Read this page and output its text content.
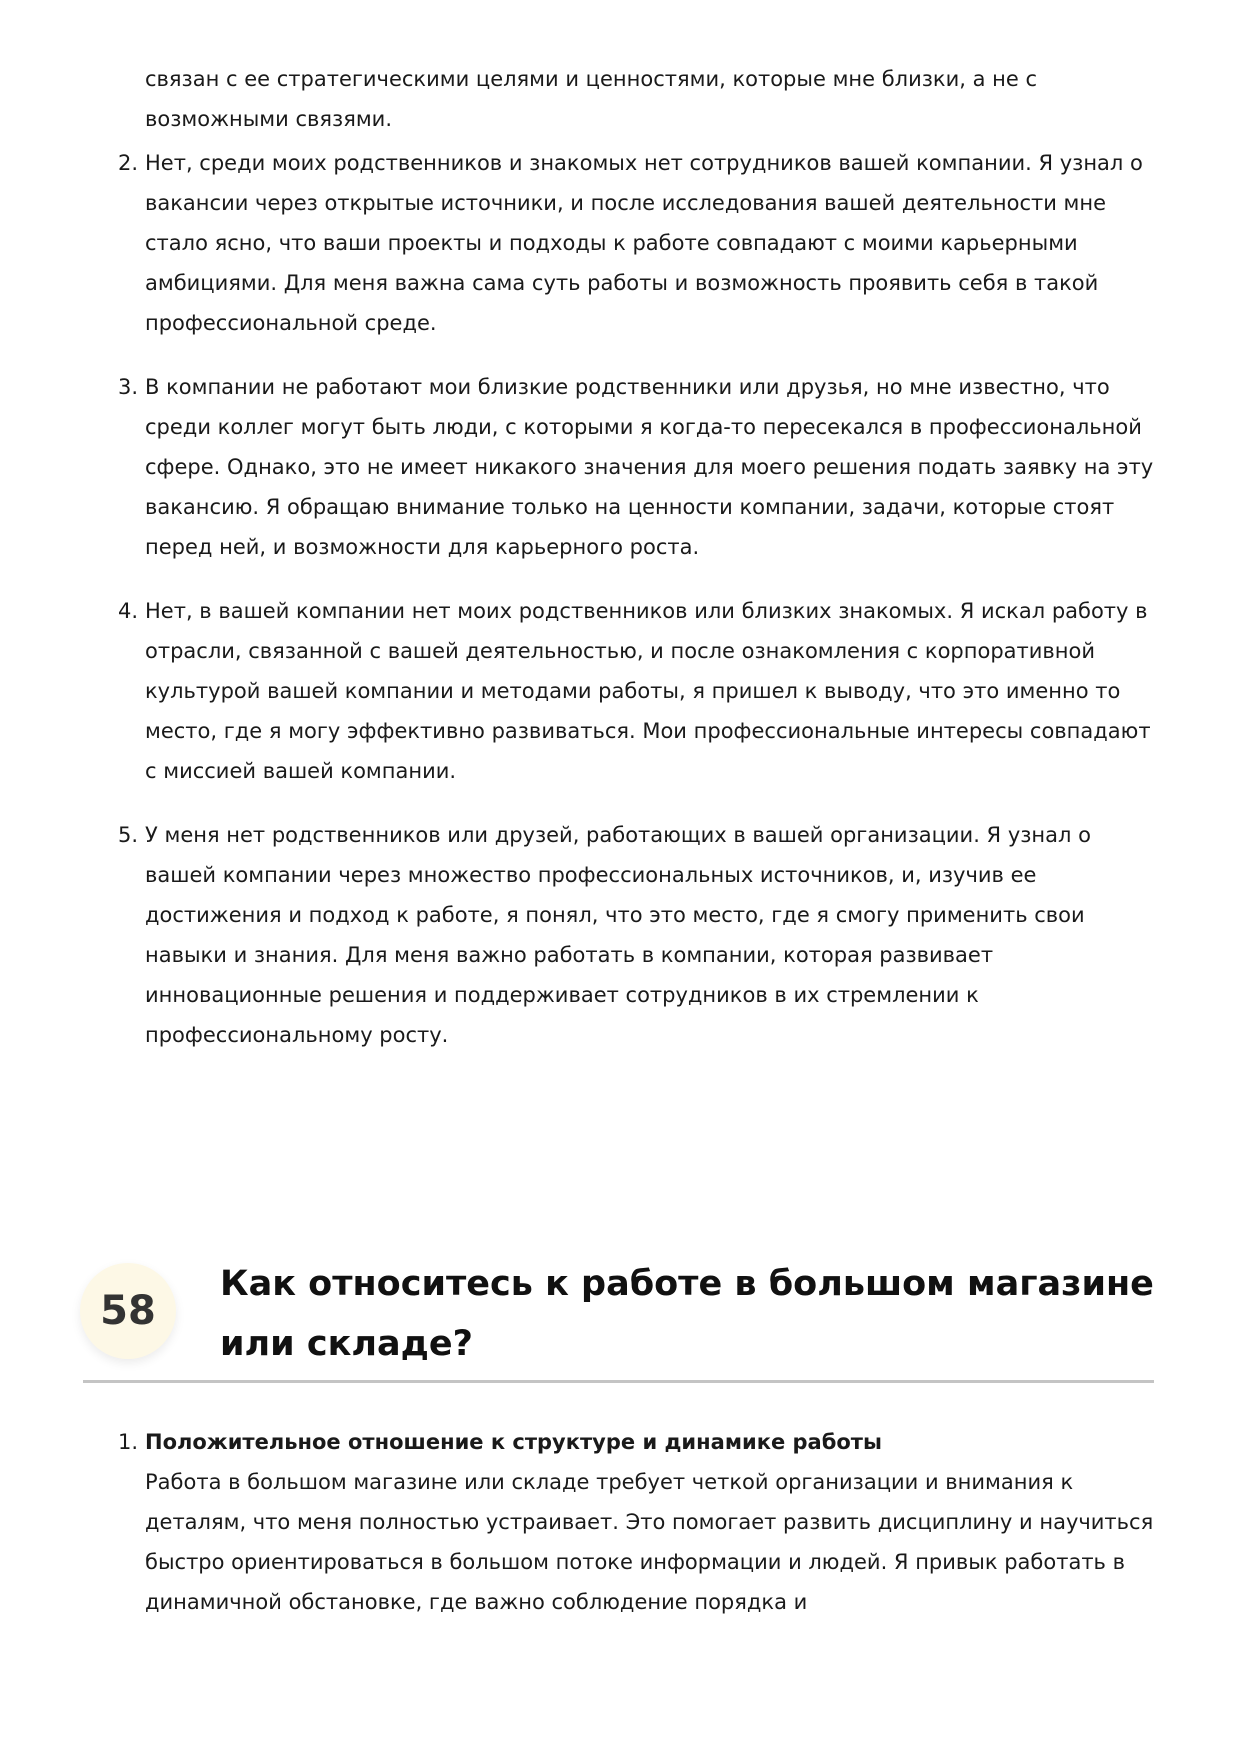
связан с ее стратегическими целями и ценностями, которые мне близки, а не с возможными связями.
2. Нет, среди моих родственников и знакомых нет сотрудников вашей компании. Я узнал о вакансии через открытые источники, и после исследования вашей деятельности мне стало ясно, что ваши проекты и подходы к работе совпадают с моими карьерными амбициями. Для меня важна сама суть работы и возможность проявить себя в такой профессиональной среде.
3. В компании не работают мои близкие родственники или друзья, но мне известно, что среди коллег могут быть люди, с которыми я когда-то пересекался в профессиональной сфере. Однако, это не имеет никакого значения для моего решения подать заявку на эту вакансию. Я обращаю внимание только на ценности компании, задачи, которые стоят перед ней, и возможности для карьерного роста.
4. Нет, в вашей компании нет моих родственников или близких знакомых. Я искал работу в отрасли, связанной с вашей деятельностью, и после ознакомления с корпоративной культурой вашей компании и методами работы, я пришел к выводу, что это именно то место, где я могу эффективно развиваться. Мои профессиональные интересы совпадают с миссией вашей компании.
5. У меня нет родственников или друзей, работающих в вашей организации. Я узнал о вашей компании через множество профессиональных источников, и, изучив ее достижения и подход к работе, я понял, что это место, где я смогу применить свои навыки и знания. Для меня важно работать в компании, которая развивает инновационные решения и поддерживает сотрудников в их стремлении к профессиональному росту.
58
Как относитесь к работе в большом магазине или складе?
1. Положительное отношение к структуре и динамике работы
Работа в большом магазине или складе требует четкой организации и внимания к деталям, что меня полностью устраивает. Это помогает развить дисциплину и научиться быстро ориентироваться в большом потоке информации и людей. Я привык работать в динамичной обстановке, где важно соблюдение порядка и
